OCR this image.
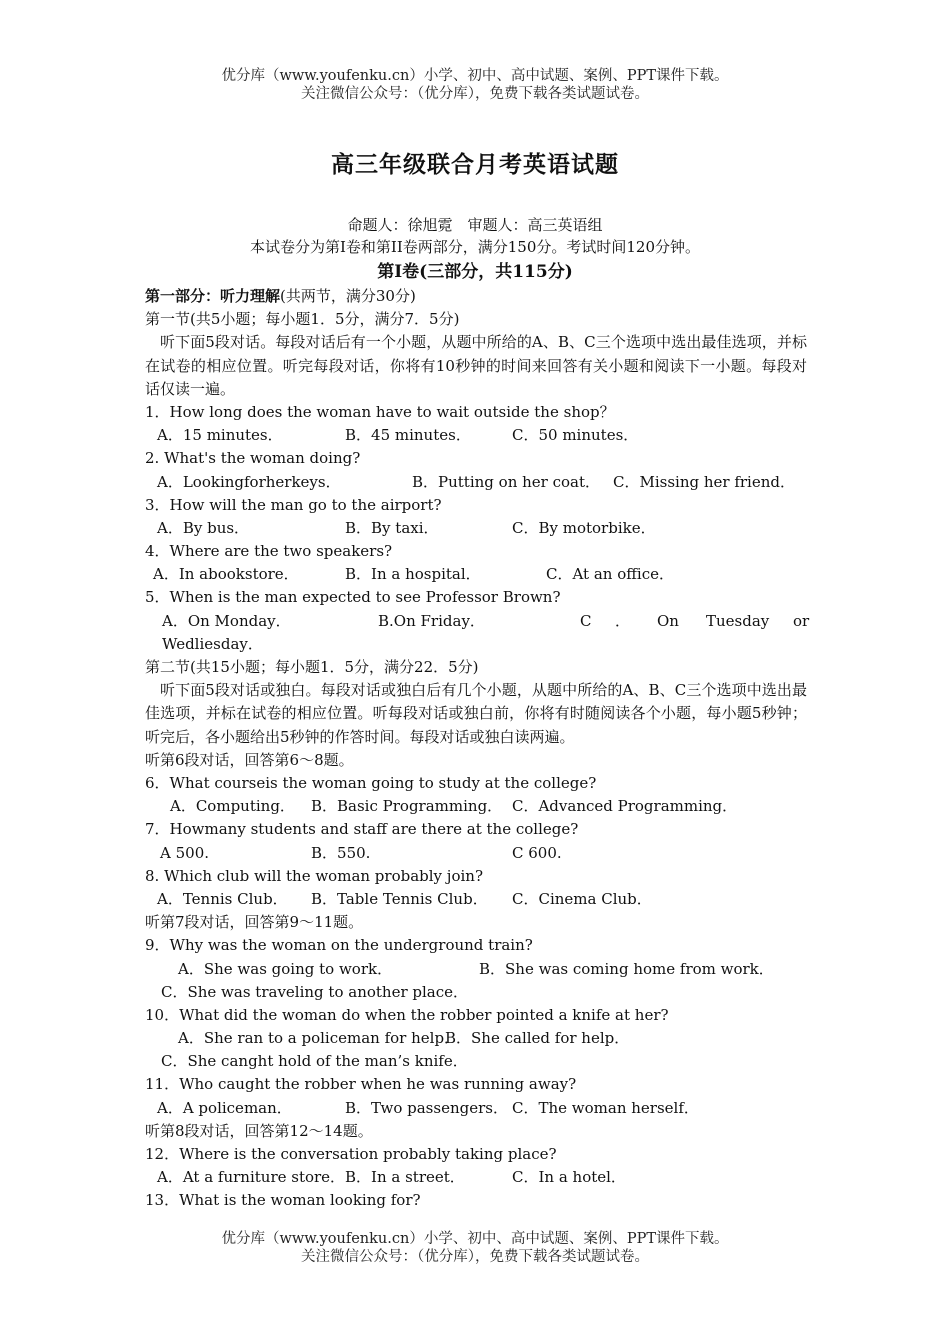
优分库（www.youfenku.cn）小学、初中、高中试题、案例、PPT课件下载。
关注微信公众号：（优分库），免费下载各类试题试卷。
高三年级联合月考英语试题
命题人：徐旭霓　审题人：高三英语组
本试卷分为第I卷和第II卷两部分，满分150分。考试时间120分钟。
第I卷(三部分，共115分)
第一部分：听力理解(共两节，满分30分)
第一节(共5小题；每小题1．5分，满分7．5分)
听下面5段对话。每段对话后有一个小题，从题中所给的A、B、C三个选项中选出最佳选项，并标在试卷的相应位置。听完每段对话，你将有10秒钟的时间来回答有关小题和阅读下一小题。每段对话仅读一遍。
1．How long does the woman have to wait outside the shop？
A．15 minutes．	B．45 minutes．	C．50 minutes．
2. What's the woman doing?
A．Lookingforherkeys．	B．Putting on her coat． C．Missing her friend．
3．How will the man go to the airport?
A．By bus．	B．By taxi．	C．By motorbike．
4．Where are the two speakers?
A．In abookstore．	B．In a hospital．	C．At an office．
5．When is the man expected to see Professor Brown?
A．On Monday．	B.On Friday．	C ． On Tuesday or
Wedliesday．
第二节(共15小题；每小题1．5分，满分22．5分)
听下面5段对话或独白。每段对话或独白后有几个小题，从题中所给的A、B、C三个选项中选出最佳选项，并标在试卷的相应位置。听每段对话或独白前，你将有时随阅读各个小题，每小题5秒钟；听完后，各小题给出5秒钟的作答时间。每段对话或独白读两遍。
听第6段对话，回答第6～8题。
6．What courseis the woman going to study at the college?
A．Computing． B．Basic Programming． C．Advanced Programming．
7．Howmany students and staff are there at the college?
A 500.	B．550.	C 600.
8. Which club will the woman probably join?
A．Tennis Club． B．Table Tennis Club． C．Cinema Club．
听第7段对话，回答第9～11题。
9．Why was the woman on the underground train?
A．She was going to work．	B．She was coming home from work．
C．She was traveling to another place．
10．What did the woman do when the robber pointed a knife at her?
A．She ran to a policeman for help．
B．She called for help．
C．She canght hold of the man’s knife．
11．Who caught the robber when he was running away?
A．A policeman．	B．Two passengers． C．The woman herself．
听第8段对话，回答第12～14题。
12．Where is the conversation probably taking place?
A．At a furniture store． B．In a street．	C．In a hotel．
13．What is the woman looking for?
优分库（www.youfenku.cn）小学、初中、高中试题、案例、PPT课件下载。
关注微信公众号：（优分库），免费下载各类试题试卷。
